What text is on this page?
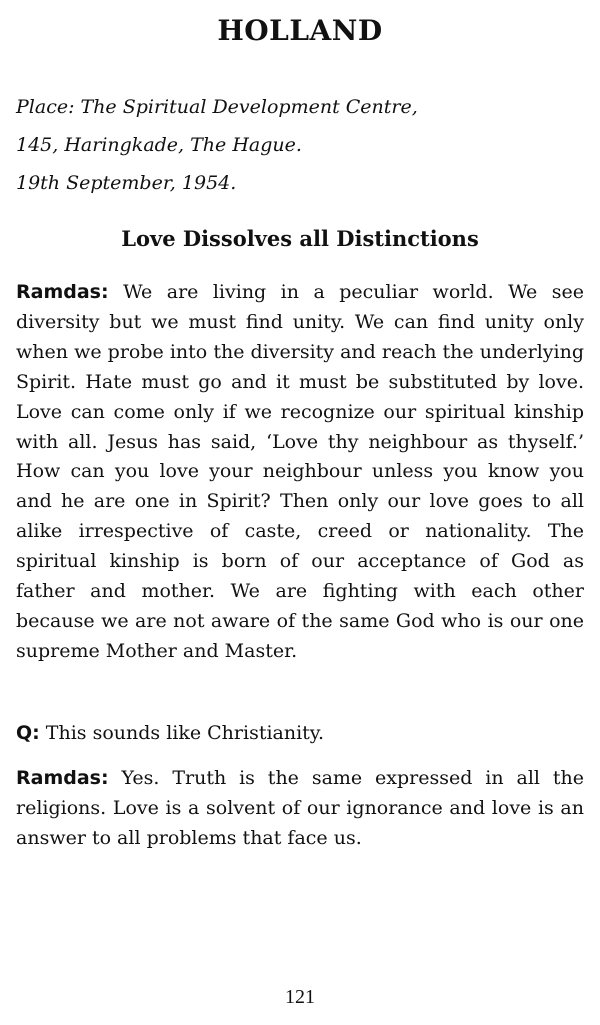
HOLLAND
Place: The Spiritual Development Centre,
145, Haringkade, The Hague.
19th September, 1954.
Love Dissolves all Distinctions

Ramdas: We are living in a peculiar world. We see diversity but we must find unity. We can find unity only when we probe into the diversity and reach the underlying Spirit. Hate must go and it must be substituted by love. Love can come only if we recognize our spiritual kinship with all. Jesus has said, ‘Love thy neighbour as thyself.’ How can you love your neighbour unless you know you and he are one in Spirit? Then only our love goes to all alike irrespective of caste, creed or nationality. The spiritual kinship is born of our acceptance of God as father and mother. We are fighting with each other because we are not aware of the same God who is our one supreme Mother and Master.

Q: This sounds like Christianity.

Ramdas: Yes. Truth is the same expressed in all the religions. Love is a solvent of our ignorance and love is an answer to all problems that face us.

121
